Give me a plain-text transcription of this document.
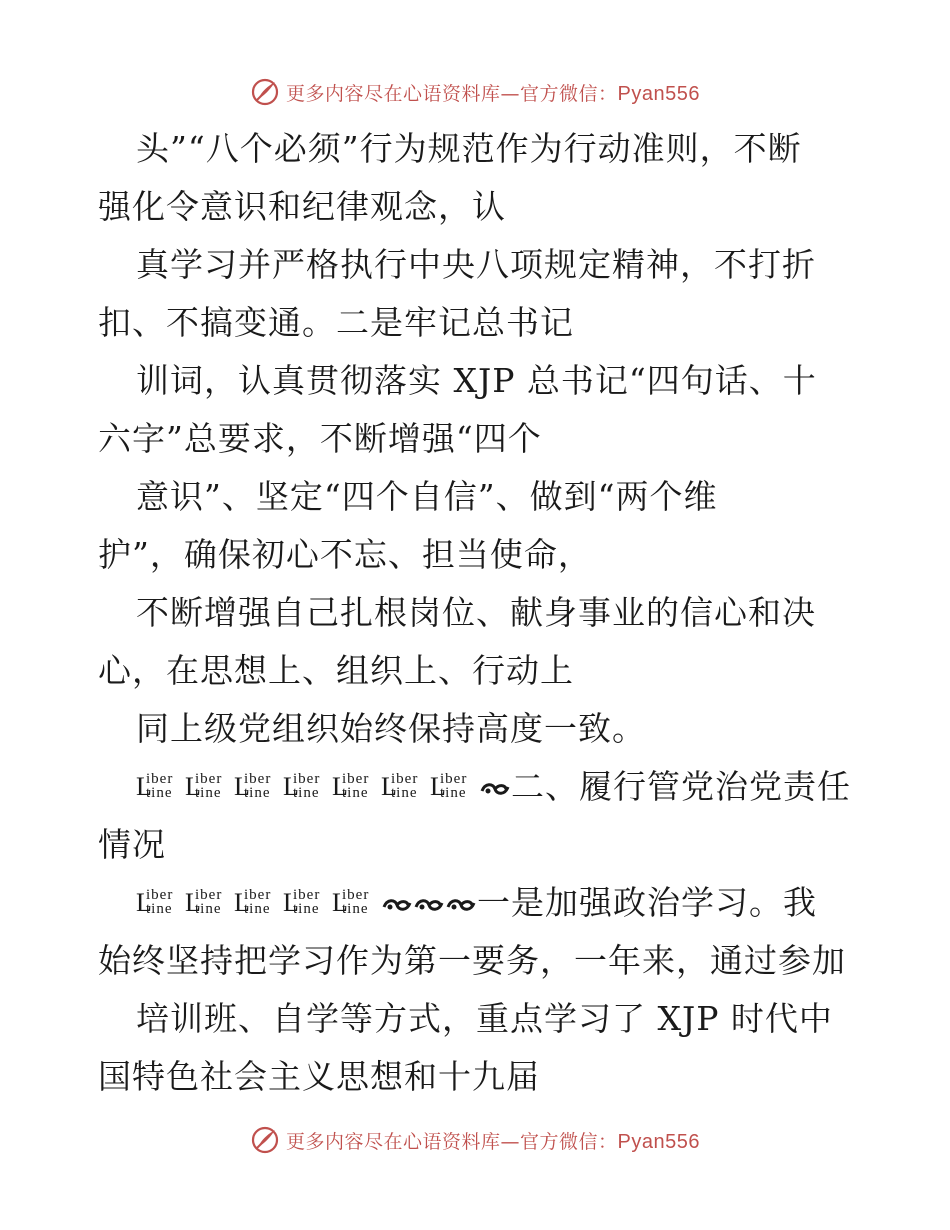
更多内容尽在心语资料库—官方微信：Pyan556
头”“八个必须”行为规范作为行动准则，不断
强化令意识和纪律观念，认
真学习并严格执行中央八项规定精神，不打折
扣、不搞变通。二是牢记总书记
训词，认真贯彻落实 XJP 总书记“四句话、十
六字”总要求，不断增强“四个
意识”、坚定“四个自信”、做到“两个维
护”，确保初心不忘、担当使命，
不断增强自己扎根岗位、献身事业的信心和决
心，在思想上、组织上、行动上
同上级党组织始终保持高度一致。
L
iber
tine L
iber
tine L
iber
tine L
iber
tine L
iber
tine L
iber
tine L
iber
tine 二、履行管党治党责任
情况
L
iber
tine L
iber
tine L
iber
tine L
iber
tine L
iber
tine	一是加强政治学习。我
始终坚持把学习作为第一要务，一年来，通过参加
培训班、自学等方式，重点学习了 XJP 时代中
国特色社会主义思想和十九届
更多内容尽在心语资料库—官方微信：Pyan556
